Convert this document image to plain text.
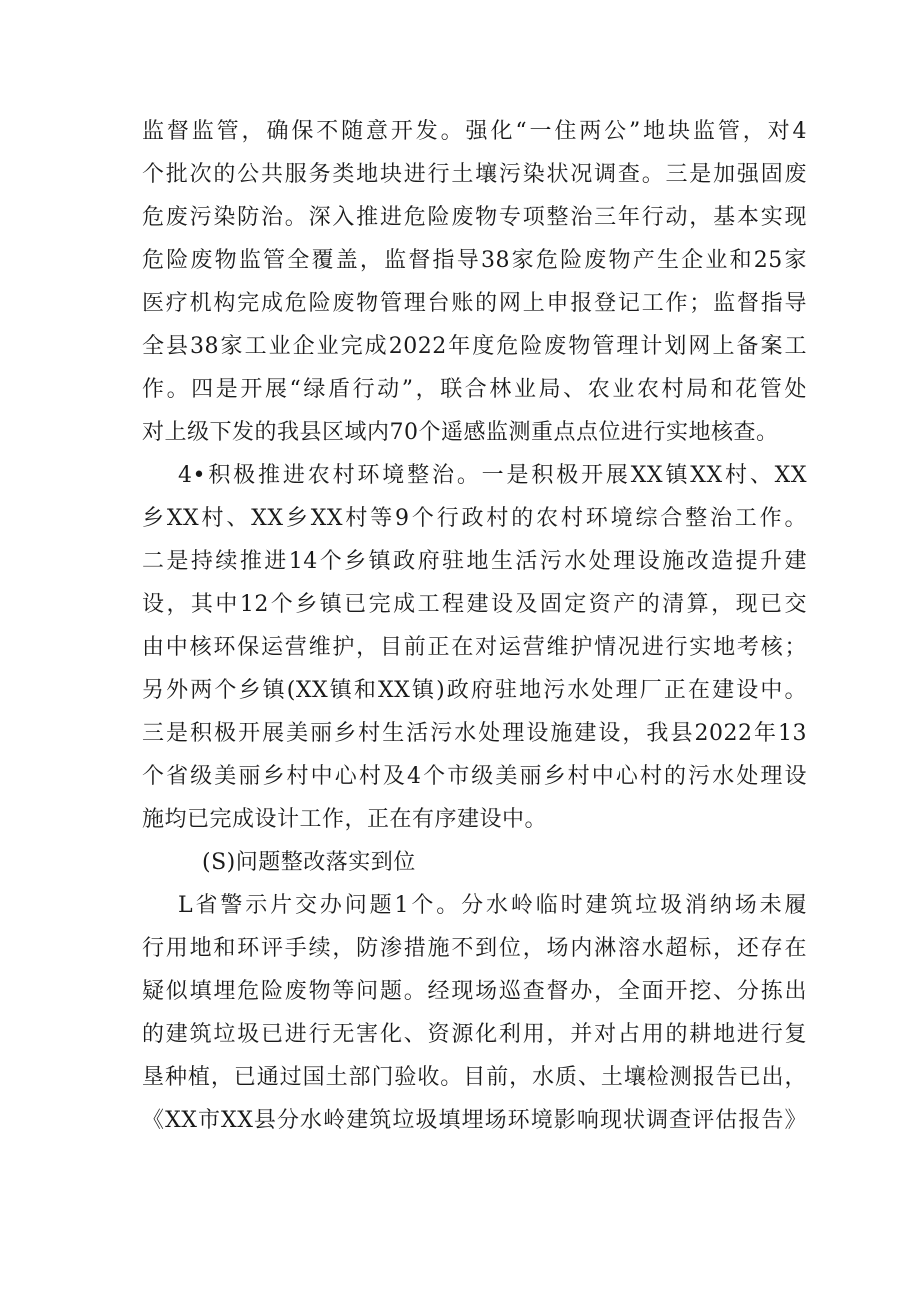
监督监管，确保不随意开发。强化“一住两公”地块监管，对4
个批次的公共服务类地块进行土壤污染状况调查。三是加强固废
危废污染防治。深入推进危险废物专项整治三年行动，基本实现
危险废物监管全覆盖，监督指导38家危险废物产生企业和25家
医疗机构完成危险废物管理台账的网上申报登记工作；监督指导
全县38家工业企业完成2022年度危险废物管理计划网上备案工
作。四是开展“绿盾行动”，联合林业局、农业农村局和花管处
对上级下发的我县区域内70个遥感监测重点点位进行实地核查。
4•积极推进农村环境整治。一是积极开展XX镇XX村、XX
乡XX村、XX乡XX村等9个行政村的农村环境综合整治工作。
二是持续推进14个乡镇政府驻地生活污水处理设施改造提升建
设，其中12个乡镇已完成工程建设及固定资产的清算，现已交
由中核环保运营维护，目前正在对运营维护情况进行实地考核；
另外两个乡镇(XX镇和XX镇)政府驻地污水处理厂正在建设中。
三是积极开展美丽乡村生活污水处理设施建设，我县2022年13
个省级美丽乡村中心村及4个市级美丽乡村中心村的污水处理设
施均已完成设计工作，正在有序建设中。
(S)问题整改落实到位
L省警示片交办问题1个。分水岭临时建筑垃圾消纳场未履
行用地和环评手续，防渗措施不到位，场内淋溶水超标，还存在
疑似填埋危险废物等问题。经现场巡查督办，全面开挖、分拣出
的建筑垃圾已进行无害化、资源化利用，并对占用的耕地进行复
垦种植，已通过国土部门验收。目前，水质、土壤检测报告已出，
《XX市XX县分水岭建筑垃圾填埋场环境影响现状调查评估报告》
